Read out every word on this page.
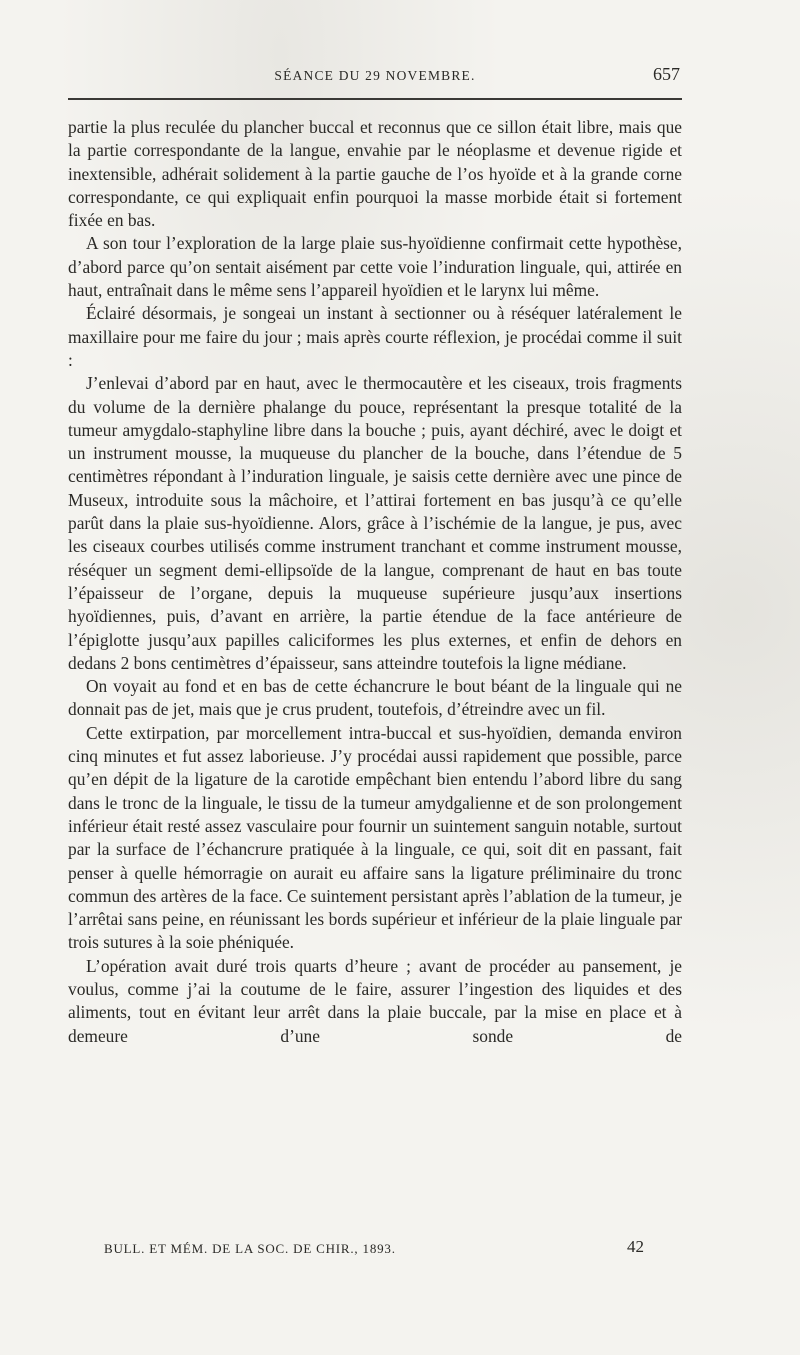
SÉANCE DU 29 NOVEMBRE.	657

partie la plus reculée du plancher buccal et reconnus que ce sillon était libre, mais que la partie correspondante de la langue, envahie par le néoplasme et devenue rigide et inextensible, adhérait solidement à la partie gauche de l’os hyoïde et à la grande corne correspondante, ce qui expliquait enfin pourquoi la masse morbide était si fortement fixée en bas.

A son tour l’exploration de la large plaie sus-hyoïdienne confirmait cette hypothèse, d’abord parce qu’on sentait aisément par cette voie l’induration linguale, qui, attirée en haut, entraînait dans le même sens l’appareil hyoïdien et le larynx lui même.

Éclairé désormais, je songeai un instant à sectionner ou à réséquer latéralement le maxillaire pour me faire du jour ; mais après courte réflexion, je procédai comme il suit :

J’enlevai d’abord par en haut, avec le thermocautère et les ciseaux, trois fragments du volume de la dernière phalange du pouce, représentant la presque totalité de la tumeur amygdalo-staphyline libre dans la bouche ; puis, ayant déchiré, avec le doigt et un instrument mousse, la muqueuse du plancher de la bouche, dans l’étendue de 5 centimètres répondant à l’induration linguale, je saisis cette dernière avec une pince de Museux, introduite sous la mâchoire, et l’attirai fortement en bas jusqu’à ce qu’elle parût dans la plaie sus-hyoïdienne. Alors, grâce à l’ischémie de la langue, je pus, avec les ciseaux courbes utilisés comme instrument tranchant et comme instrument mousse, réséquer un segment demi-ellipsoïde de la langue, comprenant de haut en bas toute l’épaisseur de l’organe, depuis la muqueuse supérieure jusqu’aux insertions hyoïdiennes, puis, d’avant en arrière, la partie étendue de la face antérieure de l’épiglotte jusqu’aux papilles caliciformes les plus externes, et enfin de dehors en dedans 2 bons centimètres d’épaisseur, sans atteindre toutefois la ligne médiane.

On voyait au fond et en bas de cette échancrure le bout béant de la linguale qui ne donnait pas de jet, mais que je crus prudent, toutefois, d’étreindre avec un fil.

Cette extirpation, par morcellement intra-buccal et sus-hyoïdien, demanda environ cinq minutes et fut assez laborieuse. J’y procédai aussi rapidement que possible, parce qu’en dépit de la ligature de la carotide empêchant bien entendu l’abord libre du sang dans le tronc de la linguale, le tissu de la tumeur amydgalienne et de son prolongement inférieur était resté assez vasculaire pour fournir un suintement sanguin notable, surtout par la surface de l’échancrure pratiquée à la linguale, ce qui, soit dit en passant, fait penser à quelle hémorragie on aurait eu affaire sans la ligature préliminaire du tronc commun des artères de la face. Ce suintement persistant après l’ablation de la tumeur, je l’arrêtai sans peine, en réunissant les bords supérieur et inférieur de la plaie linguale par trois sutures à la soie phéniquée.

L’opération avait duré trois quarts d’heure ; avant de procéder au pansement, je voulus, comme j’ai la coutume de le faire, assurer l’ingestion des liquides et des aliments, tout en évitant leur arrêt dans la plaie buccale, par la mise en place et à demeure d’une sonde de

BULL. ET MÉM. DE LA SOC. DE CHIR., 1893.	42
